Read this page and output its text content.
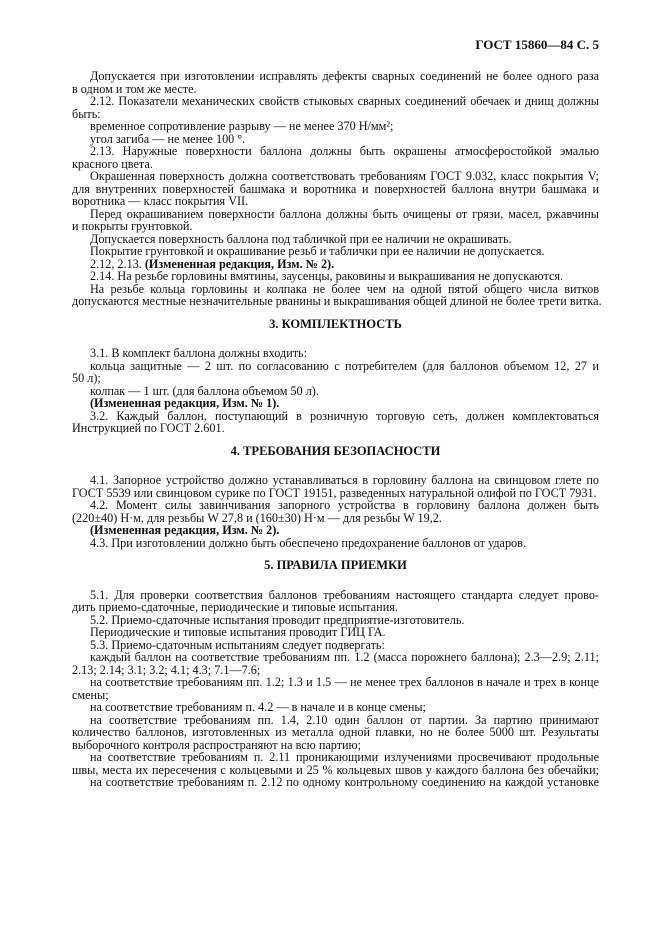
ГОСТ 15860—84 С. 5
Допускается при изготовлении исправлять дефекты сварных соединений не более одного раза
в одном и том же месте.
2.12. Показатели механических свойств стыковых сварных соединений обечаек и днищ должны
быть:
временное сопротивление разрыву — не менее 370 Н/мм²;
угол загиба — не менее 100 °.
2.13. Наружные поверхности баллона должны быть окрашены атмосферостойкой эмалью
красного цвета.
Окрашенная поверхность должна соответствовать требованиям ГОСТ 9.032, класс покрытия V;
для внутренних поверхностей башмака и воротника и поверхностей баллона внутри башмака и
воротника — класс покрытия VII.
Перед окрашиванием поверхности баллона должны быть очищены от грязи, масел, ржавчины
и покрыты грунтовкой.
Допускается поверхность баллона под табличкой при ее наличии не окрашивать.
Покрытие грунтовкой и окрашивание резьб и таблички при ее наличии не допускается.
2.12, 2.13. (Измененная редакция, Изм. № 2).
2.14. На резьбе горловины вмятины, заусенцы, раковины и выкрашивания не допускаются.
На резьбе кольца горловины и колпака не более чем на одной пятой общего числа витков
допускаются местные незначительные рванины и выкрашивания общей длиной не более трети витка.
3. КОМПЛЕКТНОСТЬ
3.1. В комплект баллона должны входить:
кольца защитные — 2 шт. по согласованию с потребителем (для баллонов объемом 12, 27 и
50 л);
колпак — 1 шт. (для баллона объемом 50 л).
(Измененная редакция, Изм. № 1).
3.2. Каждый баллон, поступающий в розничную торговую сеть, должен комплектоваться
Инструкцией по ГОСТ 2.601.
4. ТРЕБОВАНИЯ БЕЗОПАСНОСТИ
4.1. Запорное устройство должно устанавливаться в горловину баллона на свинцовом глете по
ГОСТ 5539 или свинцовом сурике по ГОСТ 19151, разведенных натуральной олифой по ГОСТ 7931.
4.2. Момент силы завинчивания запорного устройства в горловину баллона должен быть
(220±40) Н·м, для резьбы W 27,8 и (160±30) Н·м — для резьбы W 19,2.
(Измененная редакция, Изм. № 2).
4.3. При изготовлении должно быть обеспечено предохранение баллонов от ударов.
5. ПРАВИЛА ПРИЕМКИ
5.1. Для проверки соответствия баллонов требованиям настоящего стандарта следует прово-
дить приемо-сдаточные, периодические и типовые испытания.
5.2. Приемо-сдаточные испытания проводит предприятие-изготовитель.
Периодические и типовые испытания проводит ГИЦ ГА.
5.3. Приемо-сдаточным испытаниям следует подвергать:
каждый баллон на соответствие требованиям пп. 1.2 (масса порожнего баллона); 2.3—2.9; 2.11;
2.13; 2.14; 3.1; 3.2; 4.1; 4.3; 7.1—7.6;
на соответствие требованиям пп. 1.2; 1.3 и 1.5 — не менее трех баллонов в начале и трех в конце
смены;
на соответствие требованиям п. 4.2 — в начале и в конце смены;
на соответствие требованиям пп. 1.4, 2.10 один баллон от партии. За партию принимают
количество баллонов, изготовленных из металла одной плавки, но не более 5000 шт. Результаты
выборочного контроля распространяют на всю партию;
на соответствие требованиям п. 2.11 проникающими излучениями просвечивают продольные
швы, места их пересечения с кольцевыми и 25 % кольцевых швов у каждого баллона без обечайки;
на соответствие требованиям п. 2.12 по одному контрольному соединению на каждой установке
